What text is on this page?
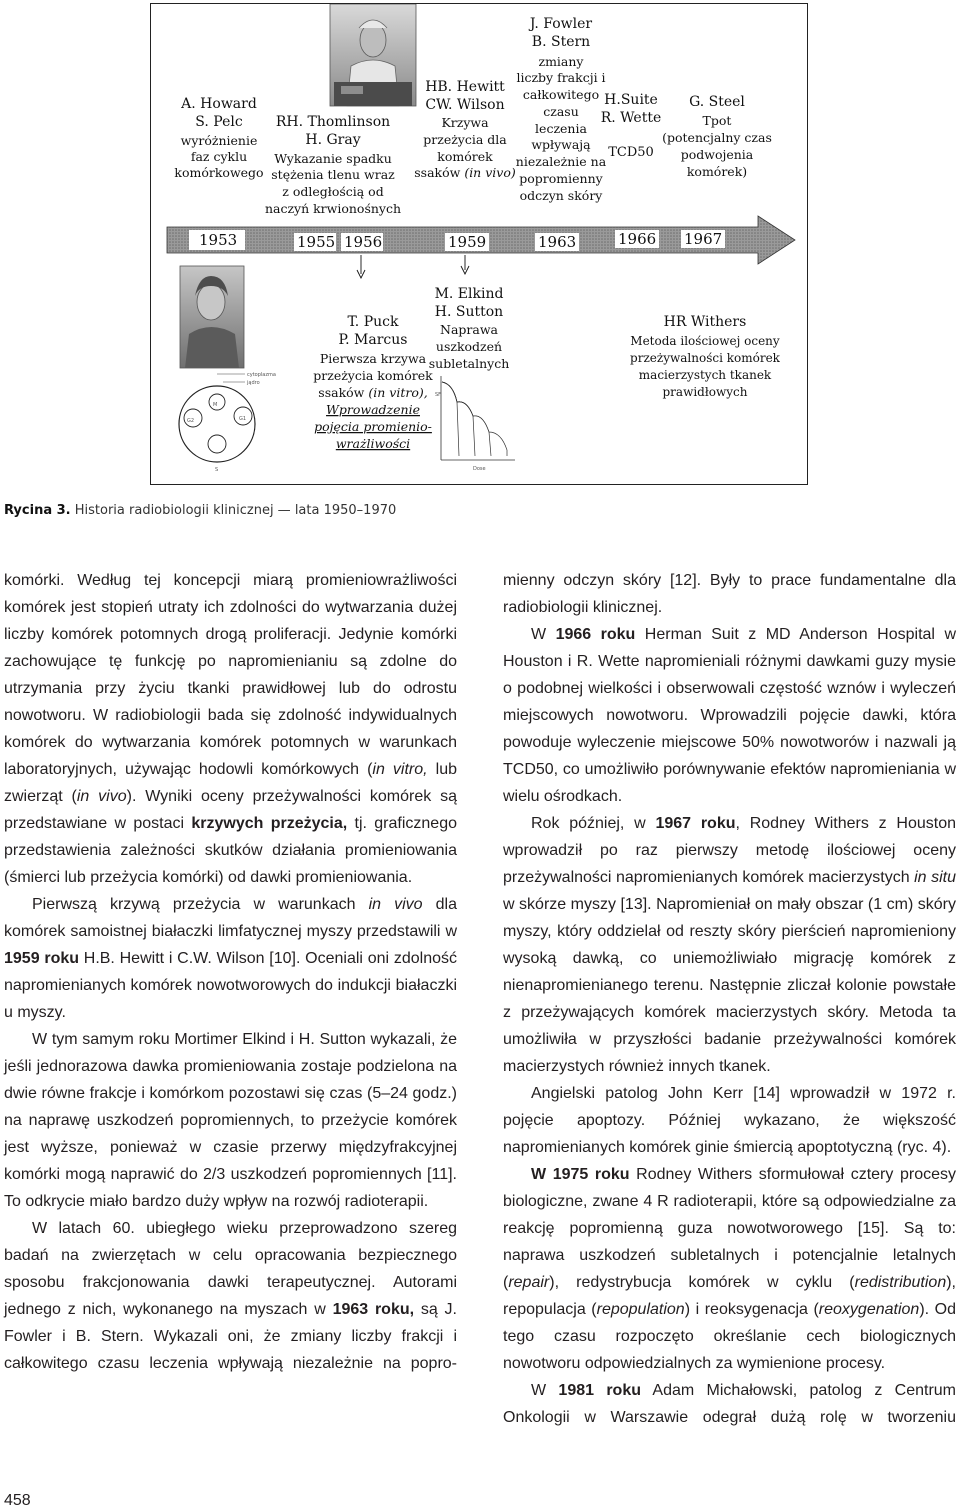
cytoplazma
jądro
G2
M
G1
S
SF
Dose
1953	1955 1956	1959	1963	1966 1967
A. Howard
S. Pelc
wyróżnienie
faz cyklu
komórkowego
RH. Thomlinson
H. Gray
Wykazanie spadku
stężenia tlenu wraz
z odległością od
naczyń krwionośnych
HB. Hewitt
CW. Wilson
Krzywa
przeżycia dla
komórek
ssaków (in vivo)
J. Fowler
B. Stern
zmiany
liczby frakcji i
całkowitego
czasu
leczenia
wpływają
niezależnie na
popromienny
odczyn skóry
H.Suite
R. Wette
TCD50
G. Steel
Tpot
(potencjalny czas
podwojenia
komórek)
T. Puck
P. Marcus
Pierwsza krzywa
przeżycia komórek
ssaków (in vitro),
Wprowadzenie
pojęcia promienio-
wrażliwości
M. Elkind
H. Sutton
Naprawa
uszkodzeń
subletalnych
HR Withers
Metoda ilościowej oceny
przeżywalności komórek
macierzystych tkanek
prawidłowych
Rycina 3. Historia radiobiologii klinicznej — lata 1950–1970

komórki. Według tej koncepcji miarą promieniowrażliwości komórek jest stopień utraty ich zdolności do wytwarzania dużej liczby komórek potomnych drogą proliferacji. Jedynie komórki zachowujące tę funkcję po napromienianiu są zdolne do utrzymania przy życiu tkanki prawidłowej lub do odrostu nowotworu. W radiobiologii bada się zdolność indywidualnych komórek do wytwarzania komórek potomnych w warunkach laboratoryjnych, używając hodowli komórkowych (in vitro, lub zwierząt (in vivo). Wyniki oceny przeżywalności komórek są przedstawiane w postaci krzywych przeżycia, tj. graficznego przedstawienia zależności skutków działania promieniowania (śmierci lub przeżycia komórki) od dawki promieniowania.

Pierwszą krzywą przeżycia w warunkach in vivo dla komórek samoistnej białaczki limfatycznej myszy przedstawili w 1959 roku H.B. Hewitt i C.W. Wilson [10]. Oceniali oni zdolność napromienianych komórek nowotworowych do indukcji białaczki u myszy.

W tym samym roku Mortimer Elkind i H. Sutton wykazali, że jeśli jednorazowa dawka promieniowania zostaje podzielona na dwie równe frakcje i komórkom pozostawi się czas (5–24 godz.) na naprawę uszkodzeń popromiennych, to przeżycie komórek jest wyższe, ponieważ w czasie przerwy międzyfrakcyjnej komórki mogą naprawić do 2/3 uszkodzeń popromiennych [11]. To odkrycie miało bardzo duży wpływ na rozwój radioterapii.

W latach 60. ubiegłego wieku przeprowadzono szereg badań na zwierzętach w celu opracowania bezpiecznego sposobu frakcjonowania dawki terapeutycznej. Autorami jednego z nich, wykonanego na myszach w 1963 roku, są J. Fowler i B. Stern. Wykazali oni, że zmiany liczby frakcji i całkowitego czasu leczenia wpływają niezależnie na popro-

mienny odczyn skóry [12]. Były to prace fundamentalne dla radiobiologii klinicznej.

W 1966 roku Herman Suit z MD Anderson Hospital w Houston i R. Wette napromieniali różnymi dawkami guzy mysie o podobnej wielkości i obserwowali częstość wznów i wyleczeń miejscowych nowotworu. Wprowadzili pojęcie dawki, która powoduje wyleczenie miejscowe 50% nowotworów i nazwali ją TCD50, co umożliwiło porównywanie efektów napromieniania w wielu ośrodkach.

Rok później, w 1967 roku, Rodney Withers z Houston wprowadził po raz pierwszy metodę ilościowej oceny przeżywalności napromienianych komórek macierzystych in situ w skórze myszy [13]. Napromieniał on mały obszar (1 cm) skóry myszy, który oddzielał od reszty skóry pierścień napromieniony wysoką dawką, co uniemożliwiało migrację komórek z nienapromienianego terenu. Następnie zliczał kolonie powstałe z przeżywających komórek macierzystych skóry. Metoda ta umożliwiła w przyszłości badanie przeżywalności komórek macierzystych również innych tkanek.

Angielski patolog John Kerr [14] wprowadził w 1972 r. pojęcie apoptozy. Później wykazano, że większość napromienianych komórek ginie śmiercią apoptotyczną (ryc. 4).

W 1975 roku Rodney Withers sformułował cztery procesy biologiczne, zwane 4 R radioterapii, które są odpowiedzialne za reakcję popromienną guza nowotworowego [15]. Są to: naprawa uszkodzeń subletalnych i potencjalnie letalnych (repair), redystrybucja komórek w cyklu (redistribution), repopulacja (repopulation) i reoksygenacja (reoxygenation). Od tego czasu rozpoczęto określanie cech biologicznych nowotworu odpowiedzialnych za wymienione procesy.

W 1981 roku Adam Michałowski, patolog z Centrum Onkologii w Warszawie odegrał dużą rolę w tworzeniu

458
